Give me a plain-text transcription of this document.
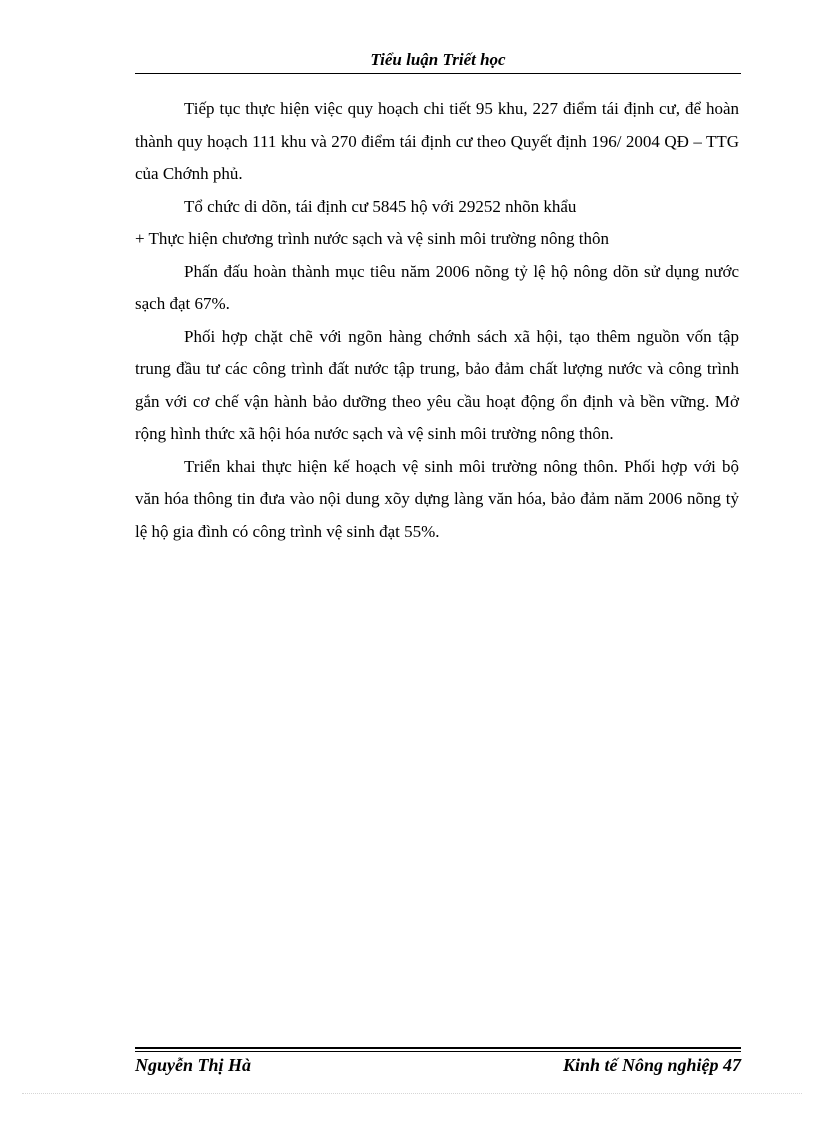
Tiểu luận Triết học

Tiếp tục thực hiện việc quy hoạch chi tiết 95 khu, 227 điểm tái định cư, để hoàn thành quy hoạch 111 khu và 270 điểm tái định cư theo Quyết định 196/ 2004 QĐ – TTG của Chớnh phủ.

Tổ chức di dõn, tái định cư 5845 hộ với 29252 nhõn khẩu

+ Thực hiện chương trình nước sạch và vệ sinh môi trường nông thôn

Phấn đấu hoàn thành mục tiêu năm 2006 nõng tỷ lệ hộ nông dõn sử dụng nước sạch đạt 67%.

Phối hợp chặt chẽ với ngõn hàng chớnh sách xã hội, tạo thêm nguồn vốn tập trung đầu tư các công trình đất nước tập trung, bảo đảm chất lượng nước và công trình gắn với cơ chế vận hành bảo dưỡng theo yêu cầu hoạt động ổn định và bền vững. Mở rộng hình thức xã hội hóa nước sạch và vệ sinh môi trường nông thôn.

Triển khai thực hiện kế hoạch vệ sinh môi trường nông thôn. Phối hợp với bộ văn hóa thông tin đưa vào nội dung xõy dựng làng văn hóa, bảo đảm năm 2006 nõng tỷ lệ hộ gia đình có công trình vệ sinh đạt 55%.

Nguyễn Thị Hà	Kinh tế Nông nghiệp 47
